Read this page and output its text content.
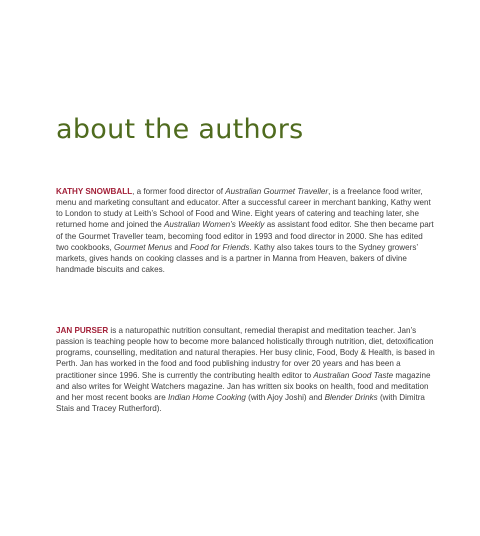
about the authors

KATHY SNOWBALL, a former food director of Australian Gourmet Traveller, is a freelance food writer, menu and marketing consultant and educator. After a successful career in merchant banking, Kathy went to London to study at Leith’s School of Food and Wine. Eight years of catering and teaching later, she returned home and joined the Australian Women’s Weekly as assistant food editor. She then became part of the Gourmet Traveller team, becoming food editor in 1993 and food director in 2000. She has edited two cookbooks, Gourmet Menus and Food for Friends. Kathy also takes tours to the Sydney growers’ markets, gives hands on cooking classes and is a partner in Manna from Heaven, bakers of divine handmade biscuits and cakes.

JAN PURSER is a naturopathic nutrition consultant, remedial therapist and meditation teacher. Jan’s passion is teaching people how to become more balanced holistically through nutrition, diet, detoxification programs, counselling, meditation and natural therapies. Her busy clinic, Food, Body & Health, is based in Perth. Jan has worked in the food and food publishing industry for over 20 years and has been a practitioner since 1996. She is currently the contributing health editor to Australian Good Taste magazine and also writes for Weight Watchers magazine. Jan has written six books on health, food and meditation and her most recent books are Indian Home Cooking (with Ajoy Joshi) and Blender Drinks (with Dimitra Stais and Tracey Rutherford).
